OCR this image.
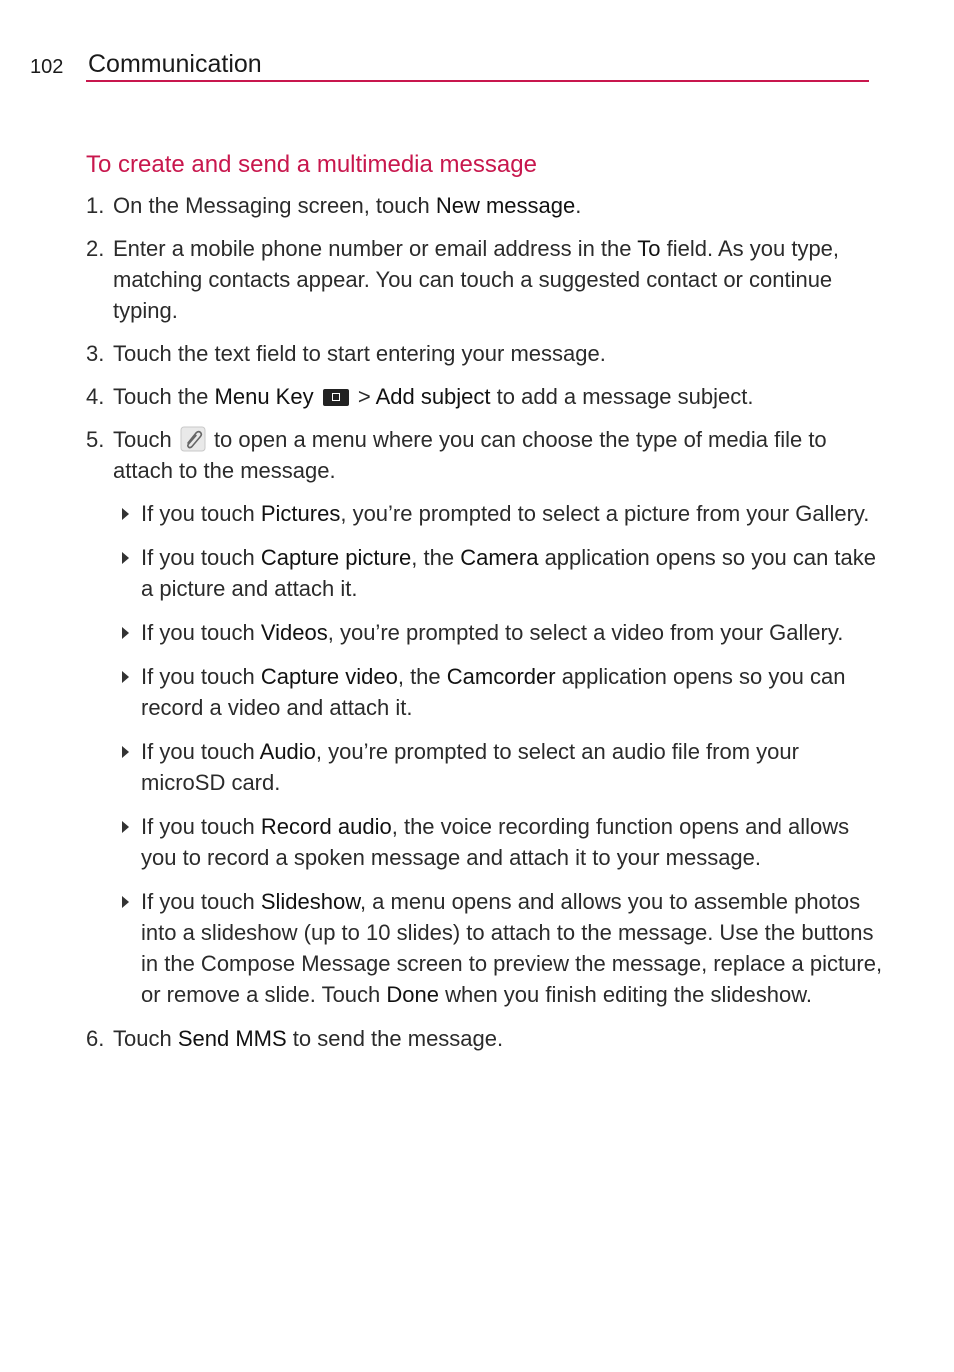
102 Communication
To create and send a multimedia message
1. On the Messaging screen, touch New message.
2. Enter a mobile phone number or email address in the To field. As you type, matching contacts appear. You can touch a suggested contact or continue typing.
3. Touch the text field to start entering your message.
4. Touch the Menu Key  > Add subject to add a message subject.
5. Touch  to open a menu where you can choose the type of media file to attach to the message.
If you touch Pictures, you’re prompted to select a picture from your Gallery.
If you touch Capture picture, the Camera application opens so you can take a picture and attach it.
If you touch Videos, you’re prompted to select a video from your Gallery.
If you touch Capture video, the Camcorder application opens so you can record a video and attach it.
If you touch Audio, you’re prompted to select an audio file from your microSD card.
If you touch Record audio, the voice recording function opens and allows you to record a spoken message and attach it to your message.
If you touch Slideshow, a menu opens and allows you to assemble photos into a slideshow (up to 10 slides) to attach to the message. Use the buttons in the Compose Message screen to preview the message, replace a picture, or remove a slide. Touch Done when you finish editing the slideshow.
6. Touch Send MMS to send the message.
